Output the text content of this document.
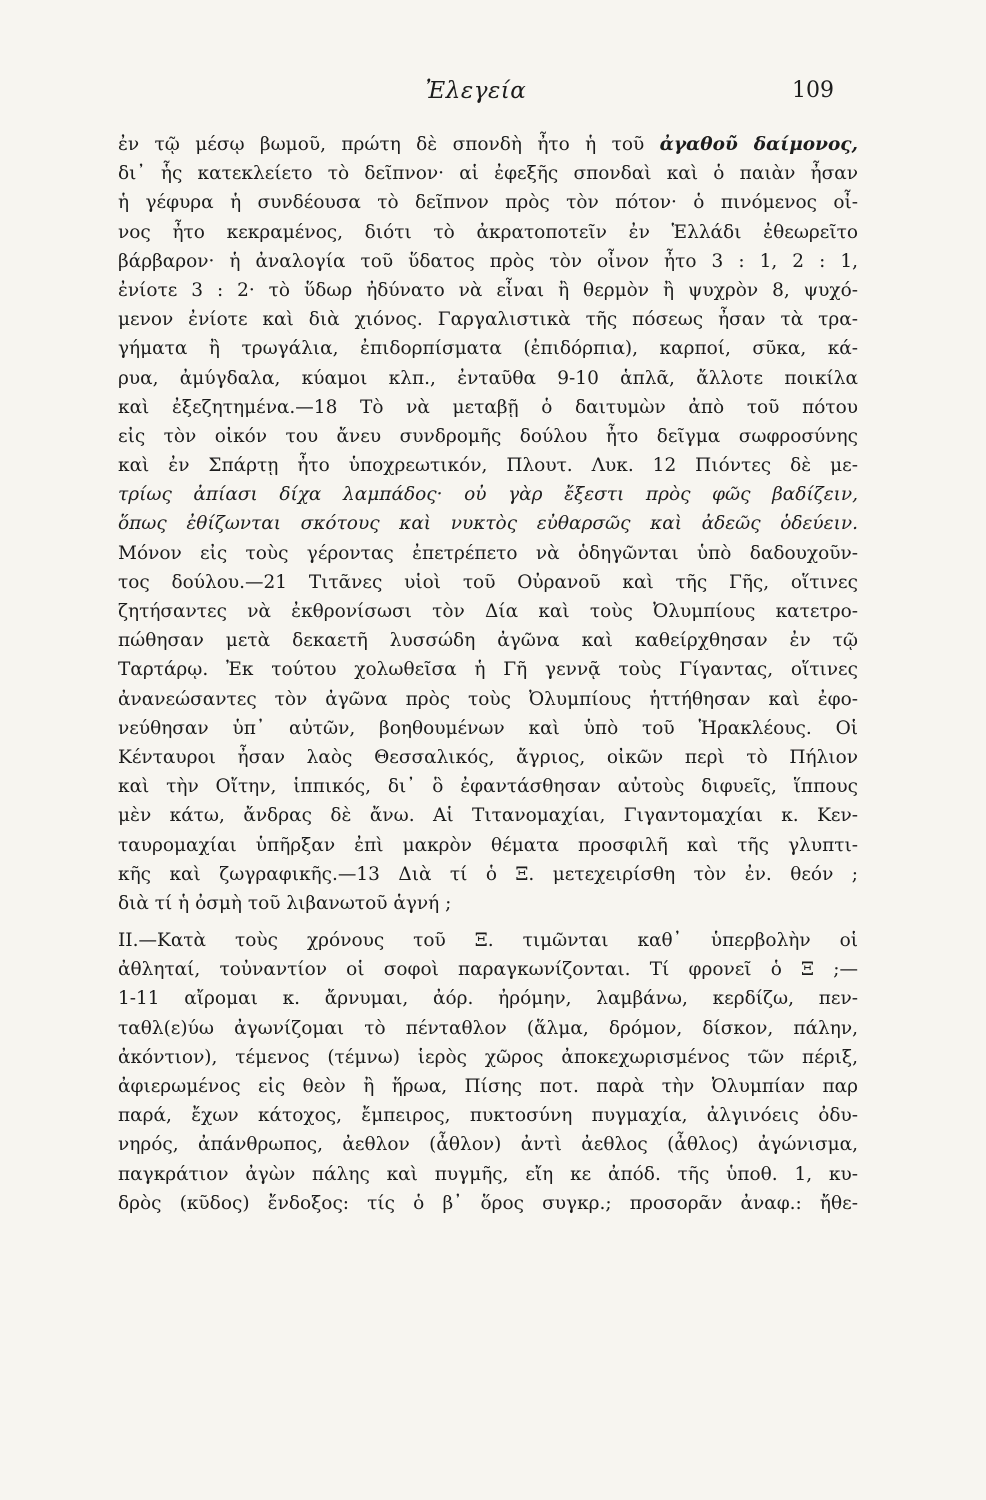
Ἐλεγεία	109
ἐν τῷ μέσῳ βωμοῦ, πρώτη δὲ σπονδὴ ἦτο ἡ τοῦ ἀγαθοῦ δαίμονος,
δι᾽ ἧς κατεκλείετο τὸ δεῖπνον· αἱ ἐφεξῆς σπονδαὶ καὶ ὁ παιὰν ἦσαν
ἡ γέφυρα ἡ συνδέουσα τὸ δεῖπνον πρὸς τὸν πότον· ὁ πινόμενος οἶ-
νος ἦτο κεκραμένος, διότι τὸ ἀκρατοποτεῖν ἐν Ἑλλάδι ἐθεωρεῖτο
βάρβαρον· ἡ ἀναλογία τοῦ ὕδατος πρὸς τὸν οἶνον ἦτο 3 : 1, 2 : 1,
ἐνίοτε 3 : 2· τὸ ὕδωρ ἠδύνατο νὰ εἶναι ἢ θερμὸν ἢ ψυχρὸν 8, ψυχό-
μενον ἐνίοτε καὶ διὰ χιόνος. Γαργαλιστικὰ τῆς πόσεως ἦσαν τὰ τρα-
γήματα ἢ τρωγάλια, ἐπιδορπίσματα (ἐπιδόρπια), καρποί, σῦκα, κά-
ρυα, ἀμύγδαλα, κύαμοι κλπ., ἐνταῦθα 9-10 ἁπλᾶ, ἄλλοτε ποικίλα
καὶ ἐξεζητημένα.—18 Τὸ νὰ μεταβῇ ὁ δαιτυμὼν ἀπὸ τοῦ πότου
εἰς τὸν οἰκόν του ἄνευ συνδρομῆς δούλου ἦτο δεῖγμα σωφροσύνης
καὶ ἐν Σπάρτῃ ἦτο ὑποχρεωτικόν, Πλουτ. Λυκ. 12 Πιόντες δὲ με-
τρίως ἀπίασι δίχα λαμπάδος· οὐ γὰρ ἔξεστι πρὸς φῶς βαδίζειν,
ὅπως ἐθίζωνται σκότους καὶ νυκτὸς εὐθαρσῶς καὶ ἀδεῶς ὁδεύειν.
Μόνον εἰς τοὺς γέροντας ἐπετρέπετο νὰ ὁδηγῶνται ὑπὸ δαδουχοῦν-
τος δούλου.—21 Τιτᾶνες υἱοὶ τοῦ Οὐρανοῦ καὶ τῆς Γῆς, οἵτινες
ζητήσαντες νὰ ἐκθρονίσωσι τὸν Δία καὶ τοὺς Ὀλυμπίους κατετρο-
πώθησαν μετὰ δεκαετῆ λυσσώδη ἀγῶνα καὶ καθείρχθησαν ἐν τῷ
Ταρτάρῳ. Ἐκ τούτου χολωθεῖσα ἡ Γῆ γεννᾷ τοὺς Γίγαντας, οἵτινες
ἀνανεώσαντες τὸν ἀγῶνα πρὸς τοὺς Ὀλυμπίους ἡττήθησαν καὶ ἐφο-
νεύθησαν ὑπ᾽ αὐτῶν, βοηθουμένων καὶ ὑπὸ τοῦ Ἡρακλέους. Οἱ
Κένταυροι ἦσαν λαὸς Θεσσαλικός, ἄγριος, οἰκῶν περὶ τὸ Πήλιον
καὶ τὴν Οἴτην, ἱππικός, δι᾽ ὃ ἐφαντάσθησαν αὐτοὺς διφυεῖς, ἵππους
μὲν κάτω, ἄνδρας δὲ ἄνω. Αἱ Τιτανομαχίαι, Γιγαντομαχίαι κ. Κεν-
ταυρομαχίαι ὑπῆρξαν ἐπὶ μακρὸν θέματα προσφιλῆ καὶ τῆς γλυπτι-
κῆς καὶ ζωγραφικῆς.—13 Διὰ τί ὁ Ξ. μετεχειρίσθη τὸν ἐν. θεόν ;
διὰ τί ἡ ὀσμὴ τοῦ λιβανωτοῦ ἁγνή ;
II.—Κατὰ τοὺς χρόνους τοῦ Ξ. τιμῶνται καθ᾽ ὑπερβολὴν οἱ
ἀθληταί, τοὐναντίον οἱ σοφοὶ παραγκωνίζονται. Τί φρονεῖ ὁ Ξ ;—
1-11 αἴρομαι κ. ἄρνυμαι, ἀόρ. ἠρόμην, λαμβάνω, κερδίζω, πεν-
ταθλ(ε)ύω ἀγωνίζομαι τὸ πένταθλον (ἅλμα, δρόμον, δίσκον, πάλην,
ἀκόντιον), τέμενος (τέμνω) ἱερὸς χῶρος ἀποκεχωρισμένος τῶν πέριξ,
ἀφιερωμένος εἰς θεὸν ἢ ἥρωα, Πίσης ποτ. παρὰ τὴν Ὀλυμπίαν παρ
παρά, ἔχων κάτοχος, ἔμπειρος, πυκτοσύνη πυγμαχία, ἀλγινόεις ὀδυ-
νηρός, ἀπάνθρωπος, ἀεθλον (ἆθλον) ἀντὶ ἀεθλος (ἆθλος) ἀγώνισμα,
παγκράτιον ἀγὼν πάλης καὶ πυγμῆς, εἴη κε ἀπόδ. τῆς ὑποθ. 1, κυ-
δρὸς (κῦδος) ἔνδοξος: τίς ὁ β᾽ ὅρος συγκρ.; προσορᾶν ἀναφ.: ἤθε-
